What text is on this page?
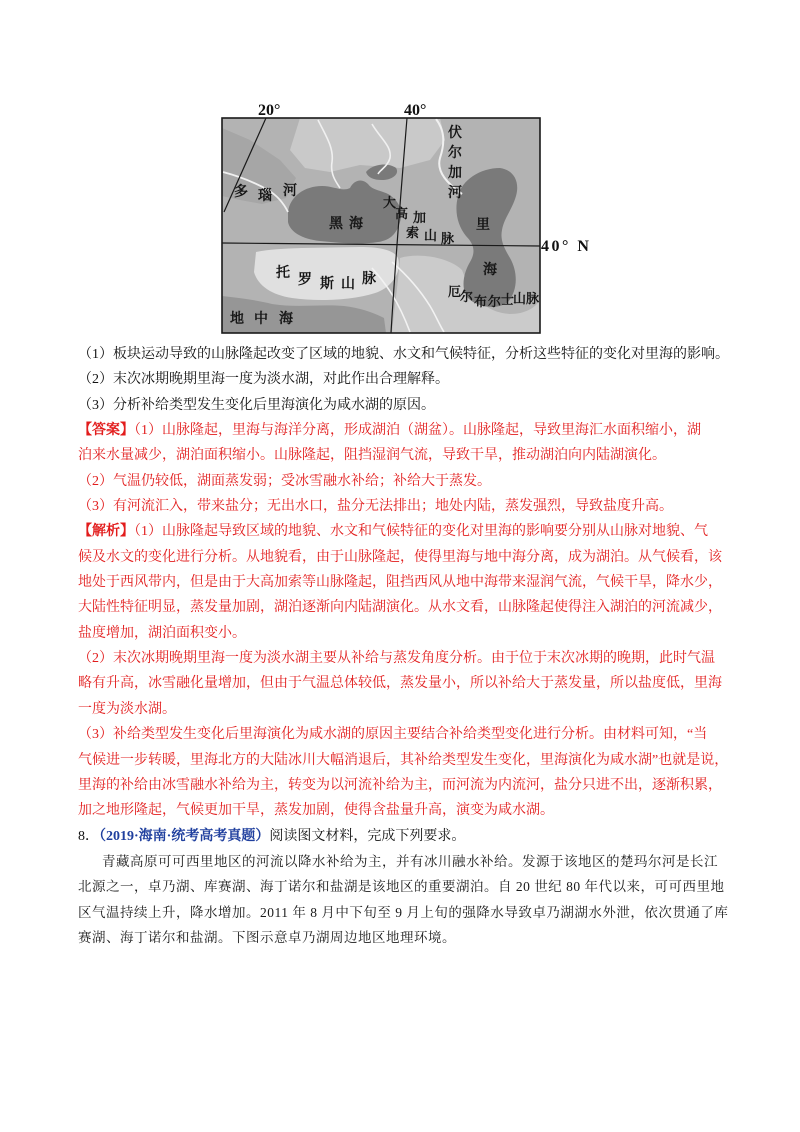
20°	40°
40° N
伏尔加河
多瑙河
黑海
大高加索山脉
里海
托罗斯山脉
厄尔布尔士山脉
地中海
（1）板块运动导致的山脉隆起改变了区域的地貌、水文和气候特征，分析这些特征的变化对里海的影响。
（2）末次冰期晚期里海一度为淡水湖，对此作出合理解释。
（3）分析补给类型发生变化后里海演化为咸水湖的原因。
【答案】（1）山脉隆起，里海与海洋分离，形成湖泊（湖盆）。山脉隆起，导致里海汇水面积缩小，湖
泊来水量减少，湖泊面积缩小。山脉隆起，阻挡湿润气流，导致干旱，推动湖泊向内陆湖演化。
（2）气温仍较低，湖面蒸发弱；受冰雪融水补给；补给大于蒸发。
（3）有河流汇入，带来盐分；无出水口，盐分无法排出；地处内陆，蒸发强烈，导致盐度升高。
【解析】（1）山脉隆起导致区域的地貌、水文和气候特征的变化对里海的影响要分别从山脉对地貌、气
候及水文的变化进行分析。从地貌看，由于山脉隆起，使得里海与地中海分离，成为湖泊。从气候看，该
地处于西风带内，但是由于大高加索等山脉隆起，阻挡西风从地中海带来湿润气流，气候干旱，降水少，
大陆性特征明显，蒸发量加剧，湖泊逐渐向内陆湖演化。从水文看，山脉隆起使得注入湖泊的河流减少，
盐度增加，湖泊面积变小。
（2）末次冰期晚期里海一度为淡水湖主要从补给与蒸发角度分析。由于位于末次冰期的晚期，此时气温
略有升高，冰雪融化量增加，但由于气温总体较低，蒸发量小，所以补给大于蒸发量，所以盐度低，里海
一度为淡水湖。
（3）补给类型发生变化后里海演化为咸水湖的原因主要结合补给类型变化进行分析。由材料可知，“当
气候进一步转暖，里海北方的大陆冰川大幅消退后，其补给类型发生变化，里海演化为咸水湖”也就是说，
里海的补给由冰雪融水补给为主，转变为以河流补给为主，而河流为内流河，盐分只进不出，逐渐积累，
加之地形隆起，气候更加干旱，蒸发加剧，使得含盐量升高，演变为咸水湖。
8．（2019·海南·统考高考真题）阅读图文材料，完成下列要求。
青藏高原可可西里地区的河流以降水补给为主，并有冰川融水补给。发源于该地区的楚玛尔河是长江
北源之一，卓乃湖、库赛湖、海丁诺尔和盐湖是该地区的重要湖泊。自 20 世纪 80 年代以来，可可西里地
区气温持续上升，降水增加。2011 年 8 月中下旬至 9 月上旬的强降水导致卓乃湖湖水外泄，依次贯通了库
赛湖、海丁诺尔和盐湖。下图示意卓乃湖周边地区地理环境。
